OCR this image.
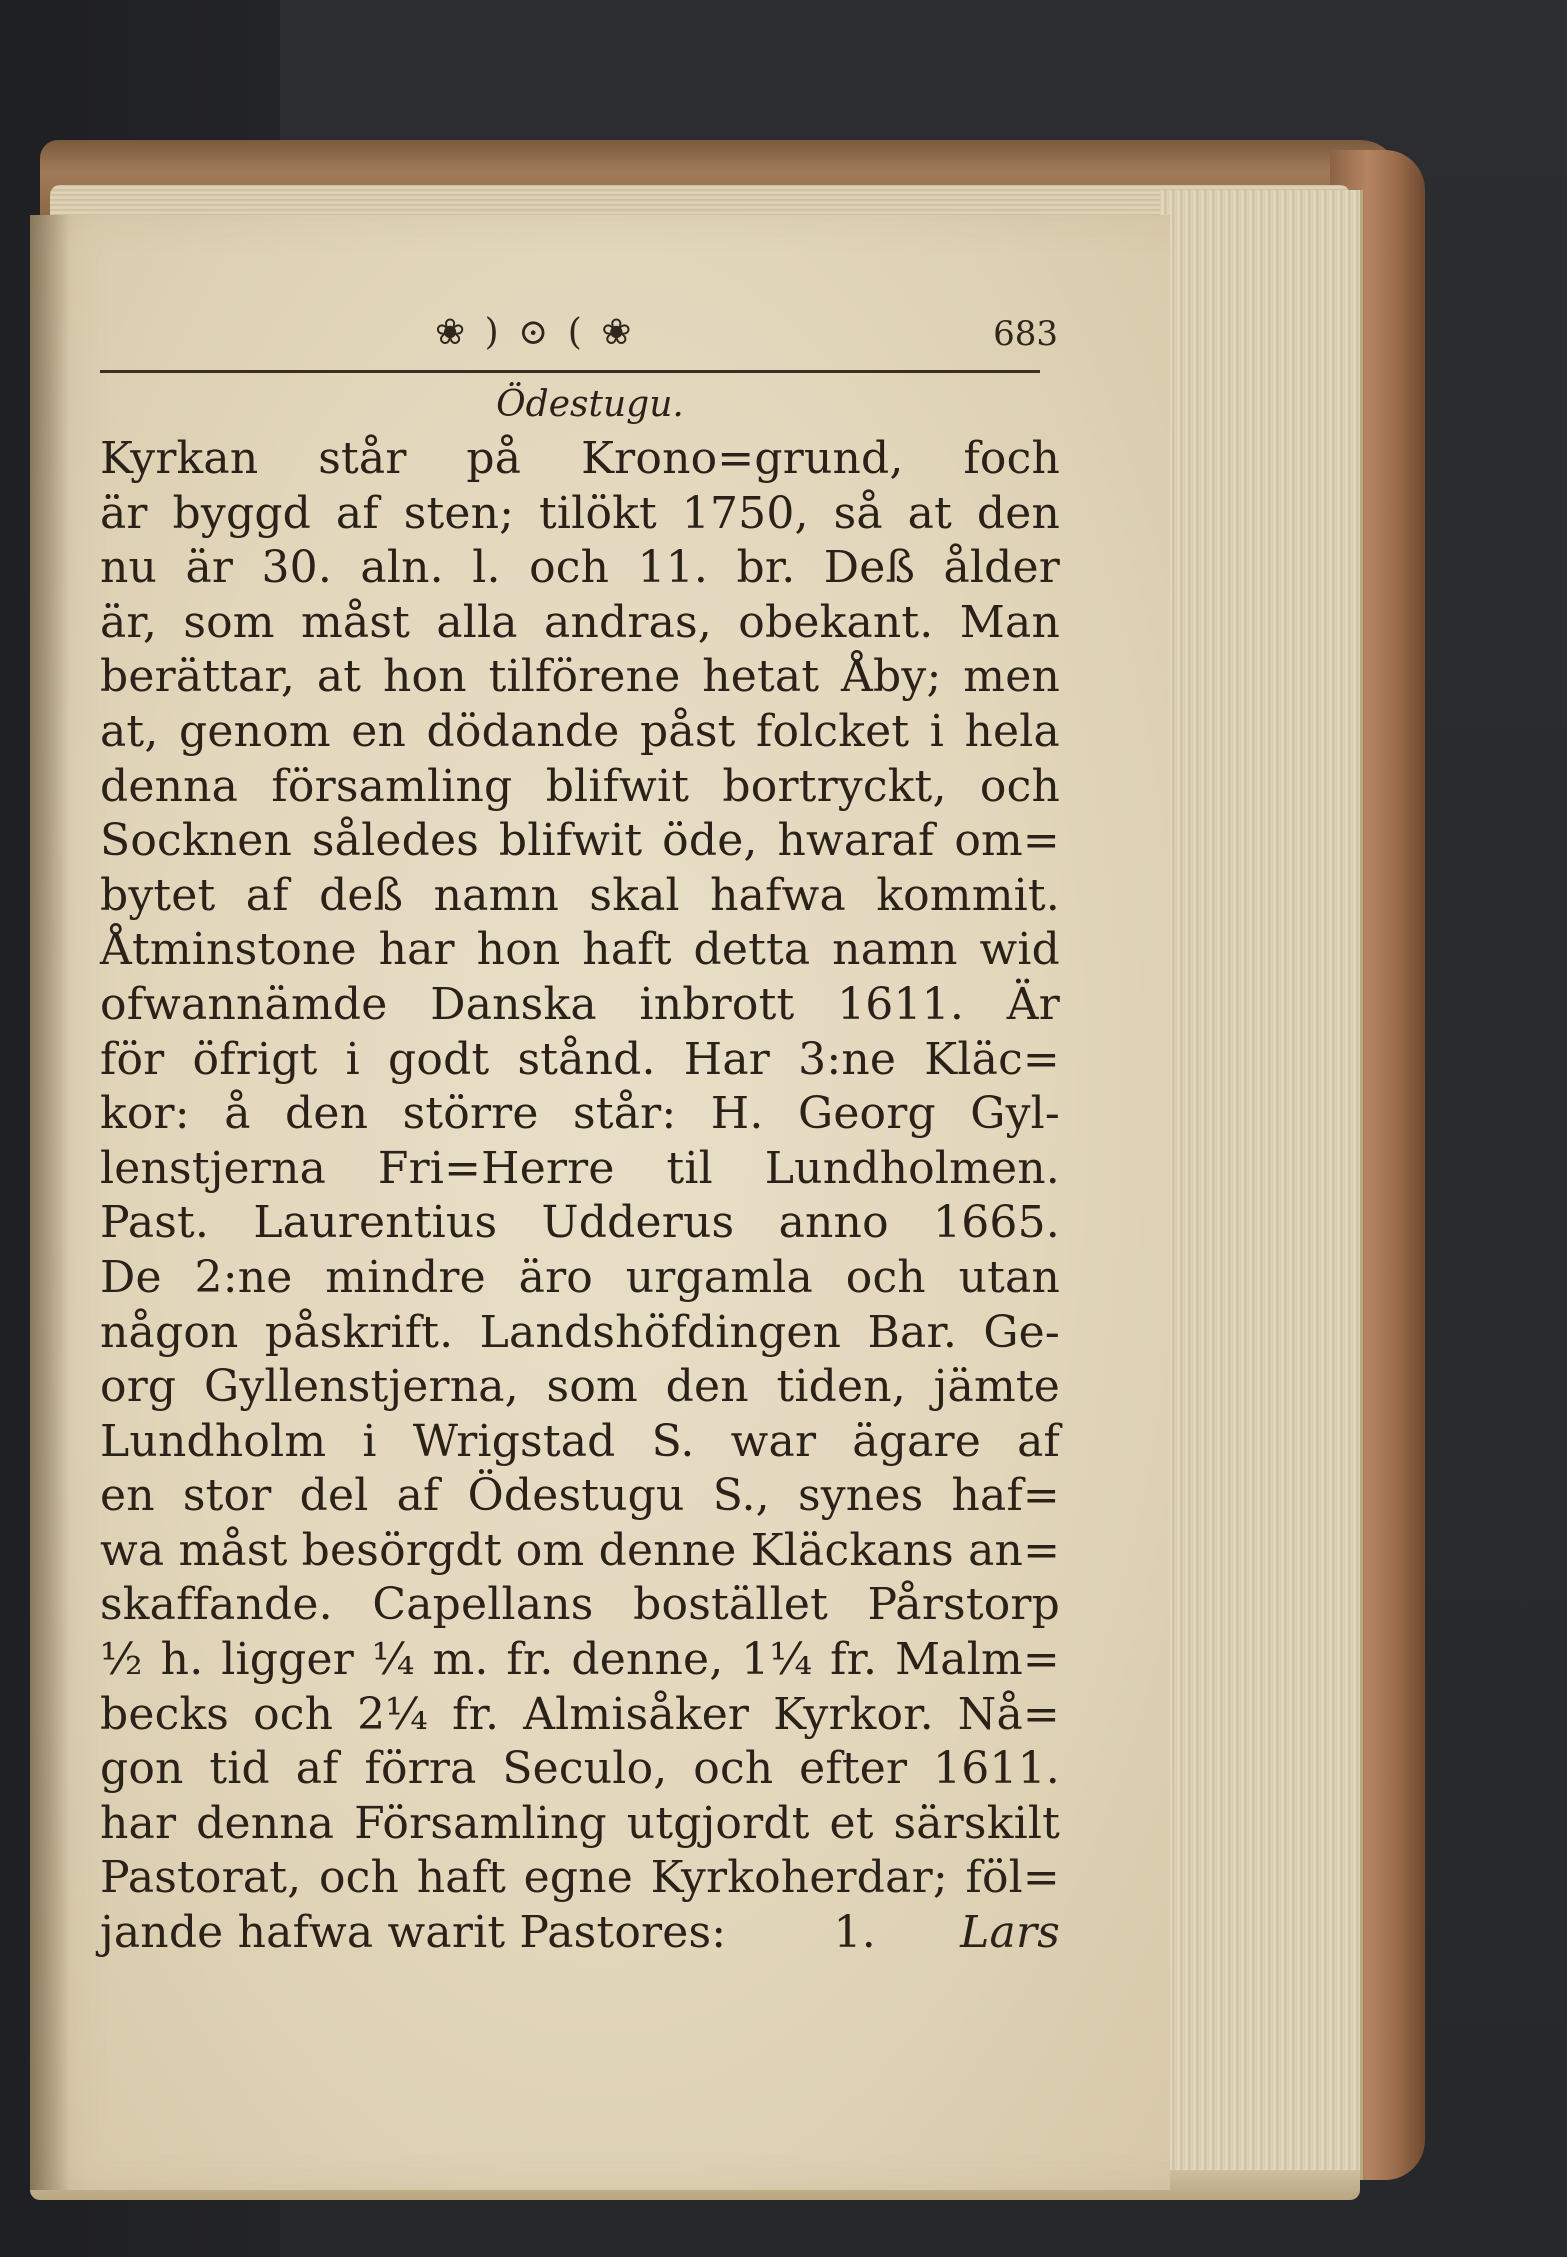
❀ ) ⊙ ( ❀	683
Ödestugu.
Kyrkan står på Krono=grund, foch
är byggd af sten; tilökt 1750, så at den
nu är 30. aln. l. och 11. br. Deß ålder
är, som måst alla andras, obekant. Man
berättar, at hon tilförene hetat Åby; men
at, genom en dödande påst folcket i hela
denna församling blifwit bortryckt, och
Socknen således blifwit öde, hwaraf om=
bytet af deß namn skal hafwa kommit.
Åtminstone har hon haft detta namn wid
ofwannämde Danska inbrott 1611. Är
för öfrigt i godt stånd. Har 3:ne Kläc=
kor: å den större står: H. Georg Gyl-
lenstjerna Fri=Herre til Lundholmen.
Past. Laurentius Udderus anno 1665.
De 2:ne mindre äro urgamla och utan
någon påskrift. Landshöfdingen Bar. Ge-
org Gyllenstjerna, som den tiden, jämte
Lundholm i Wrigstad S. war ägare af
en stor del af Ödestugu S., synes haf=
wa måst besörgdt om denne Kläckans an=
skaffande. Capellans bostället Pårstorp
½ h. ligger ¼ m. fr. denne, 1¼ fr. Malm=
becks och 2¼ fr. Almisåker Kyrkor. Nå=
gon tid af förra Seculo, och efter 1611.
har denna Församling utgjordt et särskilt
Pastorat, och haft egne Kyrkoherdar; föl=
jande hafwa warit Pastores: 1. Lars
